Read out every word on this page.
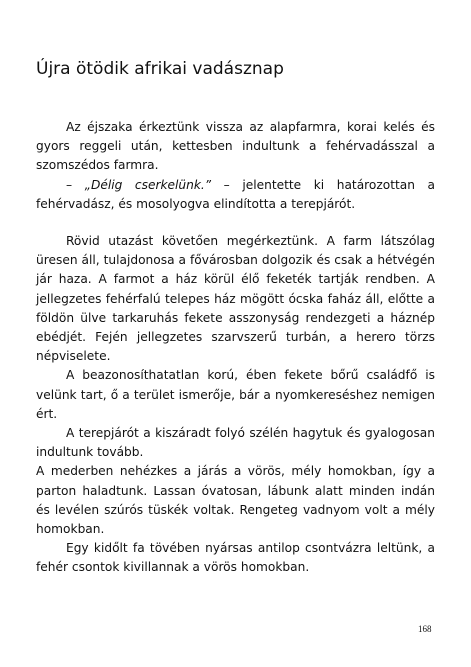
Újra ötödik afrikai vadásznap

Az éjszaka érkeztünk vissza az alapfarmra, korai kelés és gyors reggeli után, kettesben indultunk a fehérvadásszal a szomszédos farmra.

– „Délig cserkelünk.” – jelentette ki határozottan a fehérvadász, és mosolyogva elindította a terepjárót.

Rövid utazást követően megérkeztünk. A farm látszólag üresen áll, tulajdonosa a fővárosban dolgozik és csak a hétvégén jár haza. A farmot a ház körül élő feketék tartják rendben. A jellegzetes fehérfalú telepes ház mögött ócska faház áll, előtte a földön ülve tarkaruhás fekete asszonyság rendezgeti a háznép ebédjét. Fején jellegzetes szarvszerű turbán, a herero törzs népviselete.

A beazonosíthatatlan korú, ében fekete bőrű családfő is velünk tart, ő a terület ismerője, bár a nyomkereséshez nemigen ért.

A terepjárót a kiszáradt folyó szélén hagytuk és gyalogosan indultunk tovább.

A mederben nehézkes a járás a vörös, mély homokban, így a parton haladtunk. Lassan óvatosan, lábunk alatt minden indán és levélen szúrós tüskék voltak. Rengeteg vadnyom volt a mély homokban.

Egy kidőlt fa tövében nyársas antilop csontvázra leltünk, a fehér csontok kivillannak a vörös homokban.

168
